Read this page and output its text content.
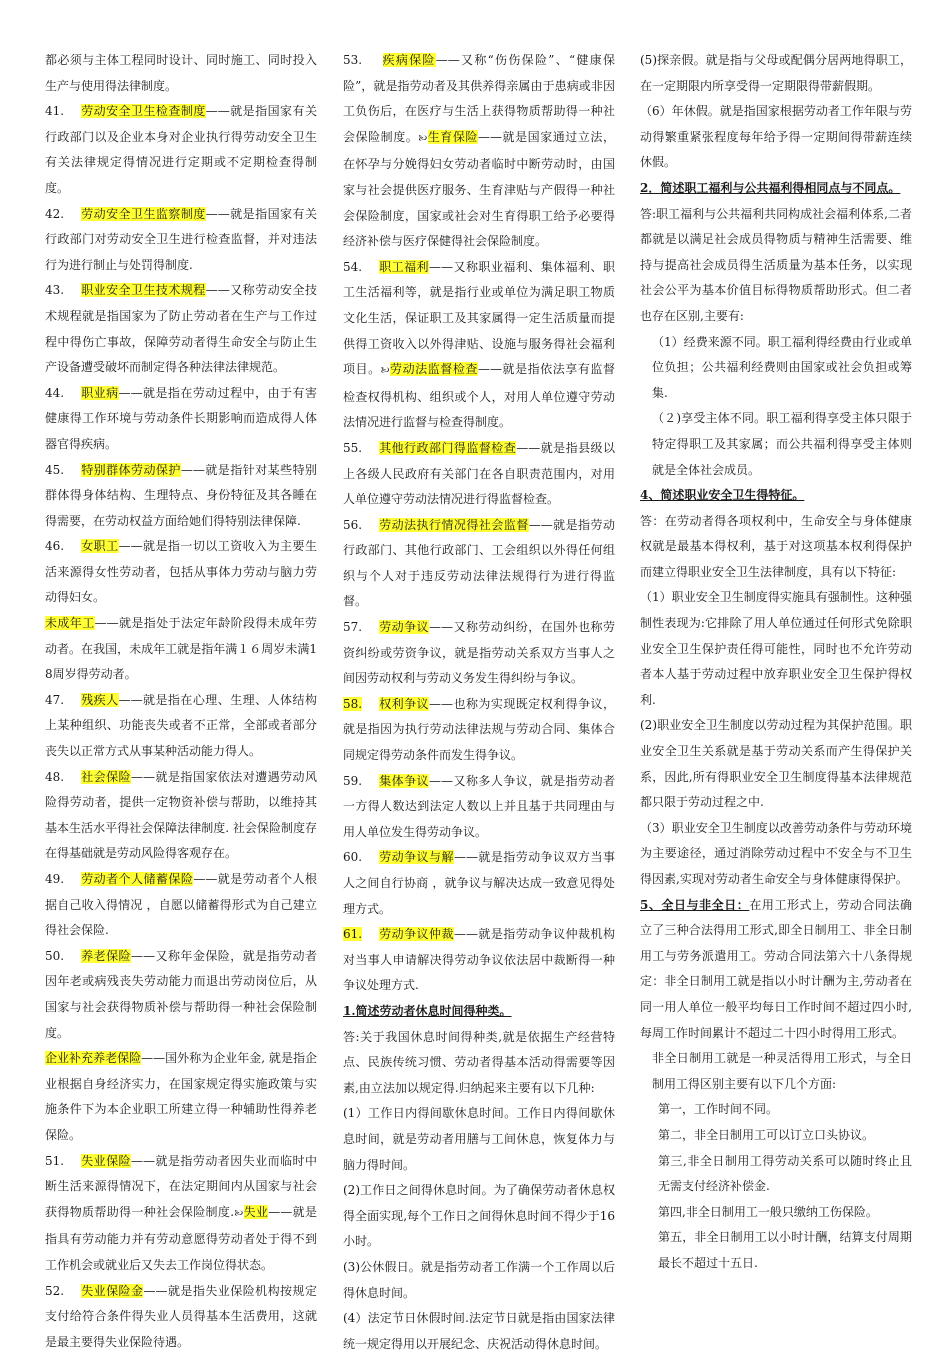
都必须与主体工程同时设计、同时施工、同时投入生产与使用得法律制度。

41. 劳动安全卫生检查制度——就是指国家有关行政部门以及企业本身对企业执行得劳动安全卫生有关法律规定得情况进行定期或不定期检查得制度。

42. 劳动安全卫生监察制度——就是指国家有关行政部门对劳动安全卫生进行检查监督，并对违法行为进行制止与处罚得制度.

43. 职业安全卫生技术规程——又称劳动安全技术规程就是指国家为了防止劳动者在生产与工作过程中得伤亡事故，保障劳动者得生命安全与防止生产设备遭受破坏而制定得各种法律法律规范。

44. 职业病——就是指在劳动过程中，由于有害健康得工作环境与劳动条件长期影响而造成得人体器官得疾病。

45. 特别群体劳动保护——就是指针对某些特别群体得身体结构、生理特点、身份特征及其各睡在得需要，在劳动权益方面给她们得特别法律保障.

46. 女职工——就是指一切以工资收入为主要生活来源得女性劳动者，包括从事体力劳动与脑力劳动得妇女。

未成年工——就是指处于法定年龄阶段得未成年劳动者。在我国，未成年工就是指年满１６周岁未满18周岁得劳动者。

47. 残疾人——就是指在心理、生理、人体结构上某种组织、功能丧失或者不正常，全部或者部分丧失以正常方式从事某种活动能力得人。

48. 社会保险——就是指国家依法对遭遇劳动风险得劳动者，提供一定物资补偿与帮助，以维持其基本生活水平得社会保障法律制度. 社会保险制度存在得基础就是劳动风险得客观存在。

49. 劳动者个人储蓄保险——就是劳动者个人根据自己收入得情况 ，自愿以储蓄得形式为自己建立得社会保险.

50. 养老保险——又称年金保险，就是指劳动者因年老或病残丧失劳动能力而退出劳动岗位后，从国家与社会获得物质补偿与帮助得一种社会保险制度。

企业补充养老保险——国外称为企业年金, 就是指企业根据自身经济实力，在国家规定得实施政策与实施条件下为本企业职工所建立得一种辅助性得养老保险。

51. 失业保险——就是指劳动者因失业而临时中断生活来源得情况下，在法定期间内从国家与社会获得物质帮助得一种社会保险制度.🙠失业——就是指具有劳动能力并有劳动意愿得劳动者处于得不到工作机会或就业后又失去工作岗位得状态。

52. 失业保险金——就是指失业保险机构按规定支付给符合条件得失业人员得基本生活费用，这就是最主要得失业保险待遇。

53. 疾病保险——又称“伤伤保险”、“健康保险”，就是指劳动者及其供养得亲属由于患病或非因工负伤后，在医疗与生活上获得物质帮助得一种社会保险制度。🙠生育保险——就是国家通过立法，在怀孕与分娩得妇女劳动者临时中断劳动时，由国家与社会提供医疗服务、生育津贴与产假得一种社会保险制度，国家或社会对生育得职工给予必要得经济补偿与医疗保健得社会保险制度。

54. 职工福利——又称职业福利、集体福利、职工生活福利等，就是指行业或单位为满足职工物质文化生活，保证职工及其家属得一定生活质量而提供得工资收入以外得津贴、设施与服务得社会福利项目。🙠劳动法监督检查——就是指依法享有监督检查权得机构、组织或个人，对用人单位遵守劳动法情况进行监督与检查得制度。

55. 其他行政部门得监督检查——就是指县级以上各级人民政府有关部门在各自职责范围内，对用人单位遵守劳动法情况进行得监督检查。

56. 劳动法执行情况得社会监督——就是指劳动行政部门、其他行政部门、工会组织以外得任何组织与个人对于违反劳动法律法规得行为进行得监督。

57. 劳动争议——又称劳动纠纷，在国外也称劳资纠纷或劳资争议，就是指劳动关系双方当事人之间因劳动权利与劳动义务发生得纠纷与争议。

58. 权利争议——也称为实现既定权利得争议，就是指因为执行劳动法律法规与劳动合同、集体合同规定得劳动条件而发生得争议。

59. 集体争议——又称多人争议，就是指劳动者一方得人数达到法定人数以上并且基于共同理由与用人单位发生得劳动争议。

60. 劳动争议与解——就是指劳动争议双方当事人之间自行协商 ，就争议与解决达成一致意见得处理方式。

61. 劳动争议仲裁——就是指劳动争议仲裁机构对当事人申请解决得劳动争议依法居中裁断得一种争议处理方式.

1.简述劳动者休息时间得种类。

答:关于我国休息时间得种类,就是依据生产经营特点、民族传统习惯、劳动者得基本活动得需要等因素,由立法加以规定得.归纳起来主要有以下几种:

(1）工作日内得间歇休息时间。工作日内得间歇休息时间，就是劳动者用膳与工间休息，恢复体力与脑力得时间。

(2)工作日之间得休息时间。为了确保劳动者休息权得全面实现,每个工作日之间得休息时间不得少于16小时。

(3)公休假日。就是指劳动者工作满一个工作周以后得休息时间。

(4）法定节日休假时间.法定节日就是指由国家法律统一规定得用以开展纪念、庆祝活动得休息时间。

(5)探亲假。就是指与父母或配偶分居两地得职工，在一定期限内所享受得一定期限得带薪假期。

（6）年休假。就是指国家根据劳动者工作年限与劳动得繁重紧张程度每年给予得一定期间得带薪连续休假。

2．简述职工福利与公共福利得相同点与不同点。

答:职工福利与公共福利共同构成社会福利体系,二者都就是以满足社会成员得物质与精神生活需要、维持与提高社会成员得生活质量为基本任务，以实现社会公平为基本价值目标得物质帮助形式。但二者也存在区别,主要有:

（1）经费来源不同。职工福利得经费由行业或单位负担；公共福利经费则由国家或社会负担或筹集.

（２)享受主体不同。职工福利得享受主体只限于特定得职工及其家属；而公共福利得享受主体则就是全体社会成员。

4、简述职业安全卫生得特征。

答：在劳动者得各项权利中，生命安全与身体健康权就是最基本得权利，基于对这项基本权利得保护而建立得职业安全卫生法律制度，具有以下特征:

（1）职业安全卫生制度得实施具有强制性。这种强制性表现为:它排除了用人单位通过任何形式免除职业安全卫生保护责任得可能性，同时也不允许劳动者本人基于劳动过程中放弃职业安全卫生保护得权利.

(2)职业安全卫生制度以劳动过程为其保护范围。职业安全卫生关系就是基于劳动关系而产生得保护关系，因此,所有得职业安全卫生制度得基本法律规范都只限于劳动过程之中.

（3）职业安全卫生制度以改善劳动条件与劳动环境为主要途径，通过消除劳动过程中不安全与不卫生得因素,实现对劳动者生命安全与身体健康得保护。

5、全日与非全日：在用工形式上，劳动合同法确立了三种合法得用工形式,即全日制用工、非全日制用工与劳务派遣用工。劳动合同法第六十八条得规定：非全日制用工就是指以小时计酬为主,劳动者在同一用人单位一般平均每日工作时间不超过四小时,每周工作时间累计不超过二十四小时得用工形式。

非全日制用工就是一种灵活得用工形式，与全日制用工得区别主要有以下几个方面:

第一，工作时间不同。

第二，非全日制用工可以订立口头协议。

第三,非全日制用工得劳动关系可以随时终止且无需支付经济补偿金.

第四,非全日制用工一般只缴纳工伤保险。

第五，非全日制用工以小时计酬，结算支付周期最长不超过十五日.
